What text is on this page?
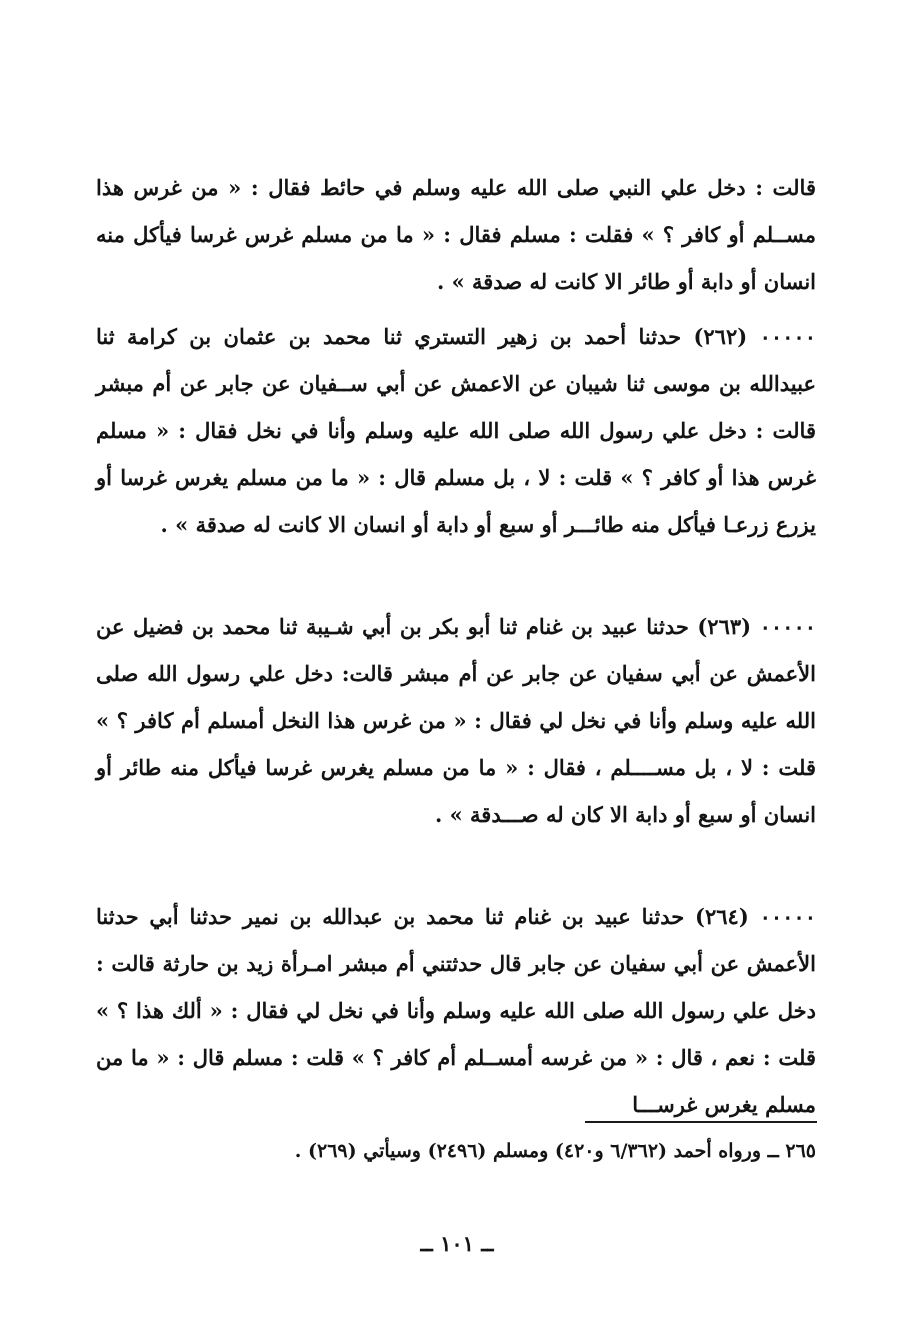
قالت : دخل علي النبي صلى الله عليه وسلم في حائط فقال : « من غرس هذا مســلم أو كافر ؟ » فقلت : مسلم فقال : « ما من مسلم غرس غرسا فيأكل منه انسان أو دابة أو طائر الا كانت له صدقة » .

٠٠٠٠٠ (٢٦٢) حدثنا أحمد بن زهير التستري ثنا محمد بن عثمان بن كرامة ثنا عبيدالله بن موسى ثنا شيبان عن الاعمش عن أبي ســفيان عن جابر عن أم مبشر قالت : دخل علي رسول الله صلى الله عليه وسلم وأنا في نخل فقال : « مسلم غرس هذا أو كافر ؟ » قلت : لا ، بل مسلم قال : « ما من مسلم يغرس غرسا أو يزرع زرعـا فيأكل منه طائـــر أو سبع أو دابة أو انسان الا كانت له صدقة » .

٠٠٠٠٠ (٢٦٣) حدثنا عبيد بن غنام ثنا أبو بكر بن أبي شـيبة ثنا محمد بن فضيل عن الأعمش عن أبي سفيان عن جابر عن أم مبشر قالت: دخل علي رسول الله صلى الله عليه وسلم وأنا في نخل لي فقال : « من غرس هذا النخل أمسلم أم كافر ؟ » قلت : لا ، بل مســــلم ، فقال : « ما من مسلم يغرس غرسا فيأكل منه طائر أو انسان أو سبع أو دابة الا كان له صـــدقة » .

٠٠٠٠٠ (٢٦٤) حدثنا عبيد بن غنام ثنا محمد بن عبدالله بن نمير حدثنا أبي حدثنا الأعمش عن أبي سفيان عن جابر قال حدثتني أم مبشر امـرأة زيد بن حارثة قالت : دخل علي رسول الله صلى الله عليه وسلم وأنا في نخل لي فقال : « ألك هذا ؟ » قلت : نعم ، قال : « من غرسه أمســلم أم كافر ؟ » قلت : مسلم قال : « ما من مسلم يغرس غرســـا

٢٦٥ ــ ورواه أحمد (٦/٣٦٢ و٤٢٠) ومسلم (٢٤٩٦) وسيأتي (٢٦٩) .

ــ ١٠١ ــ
